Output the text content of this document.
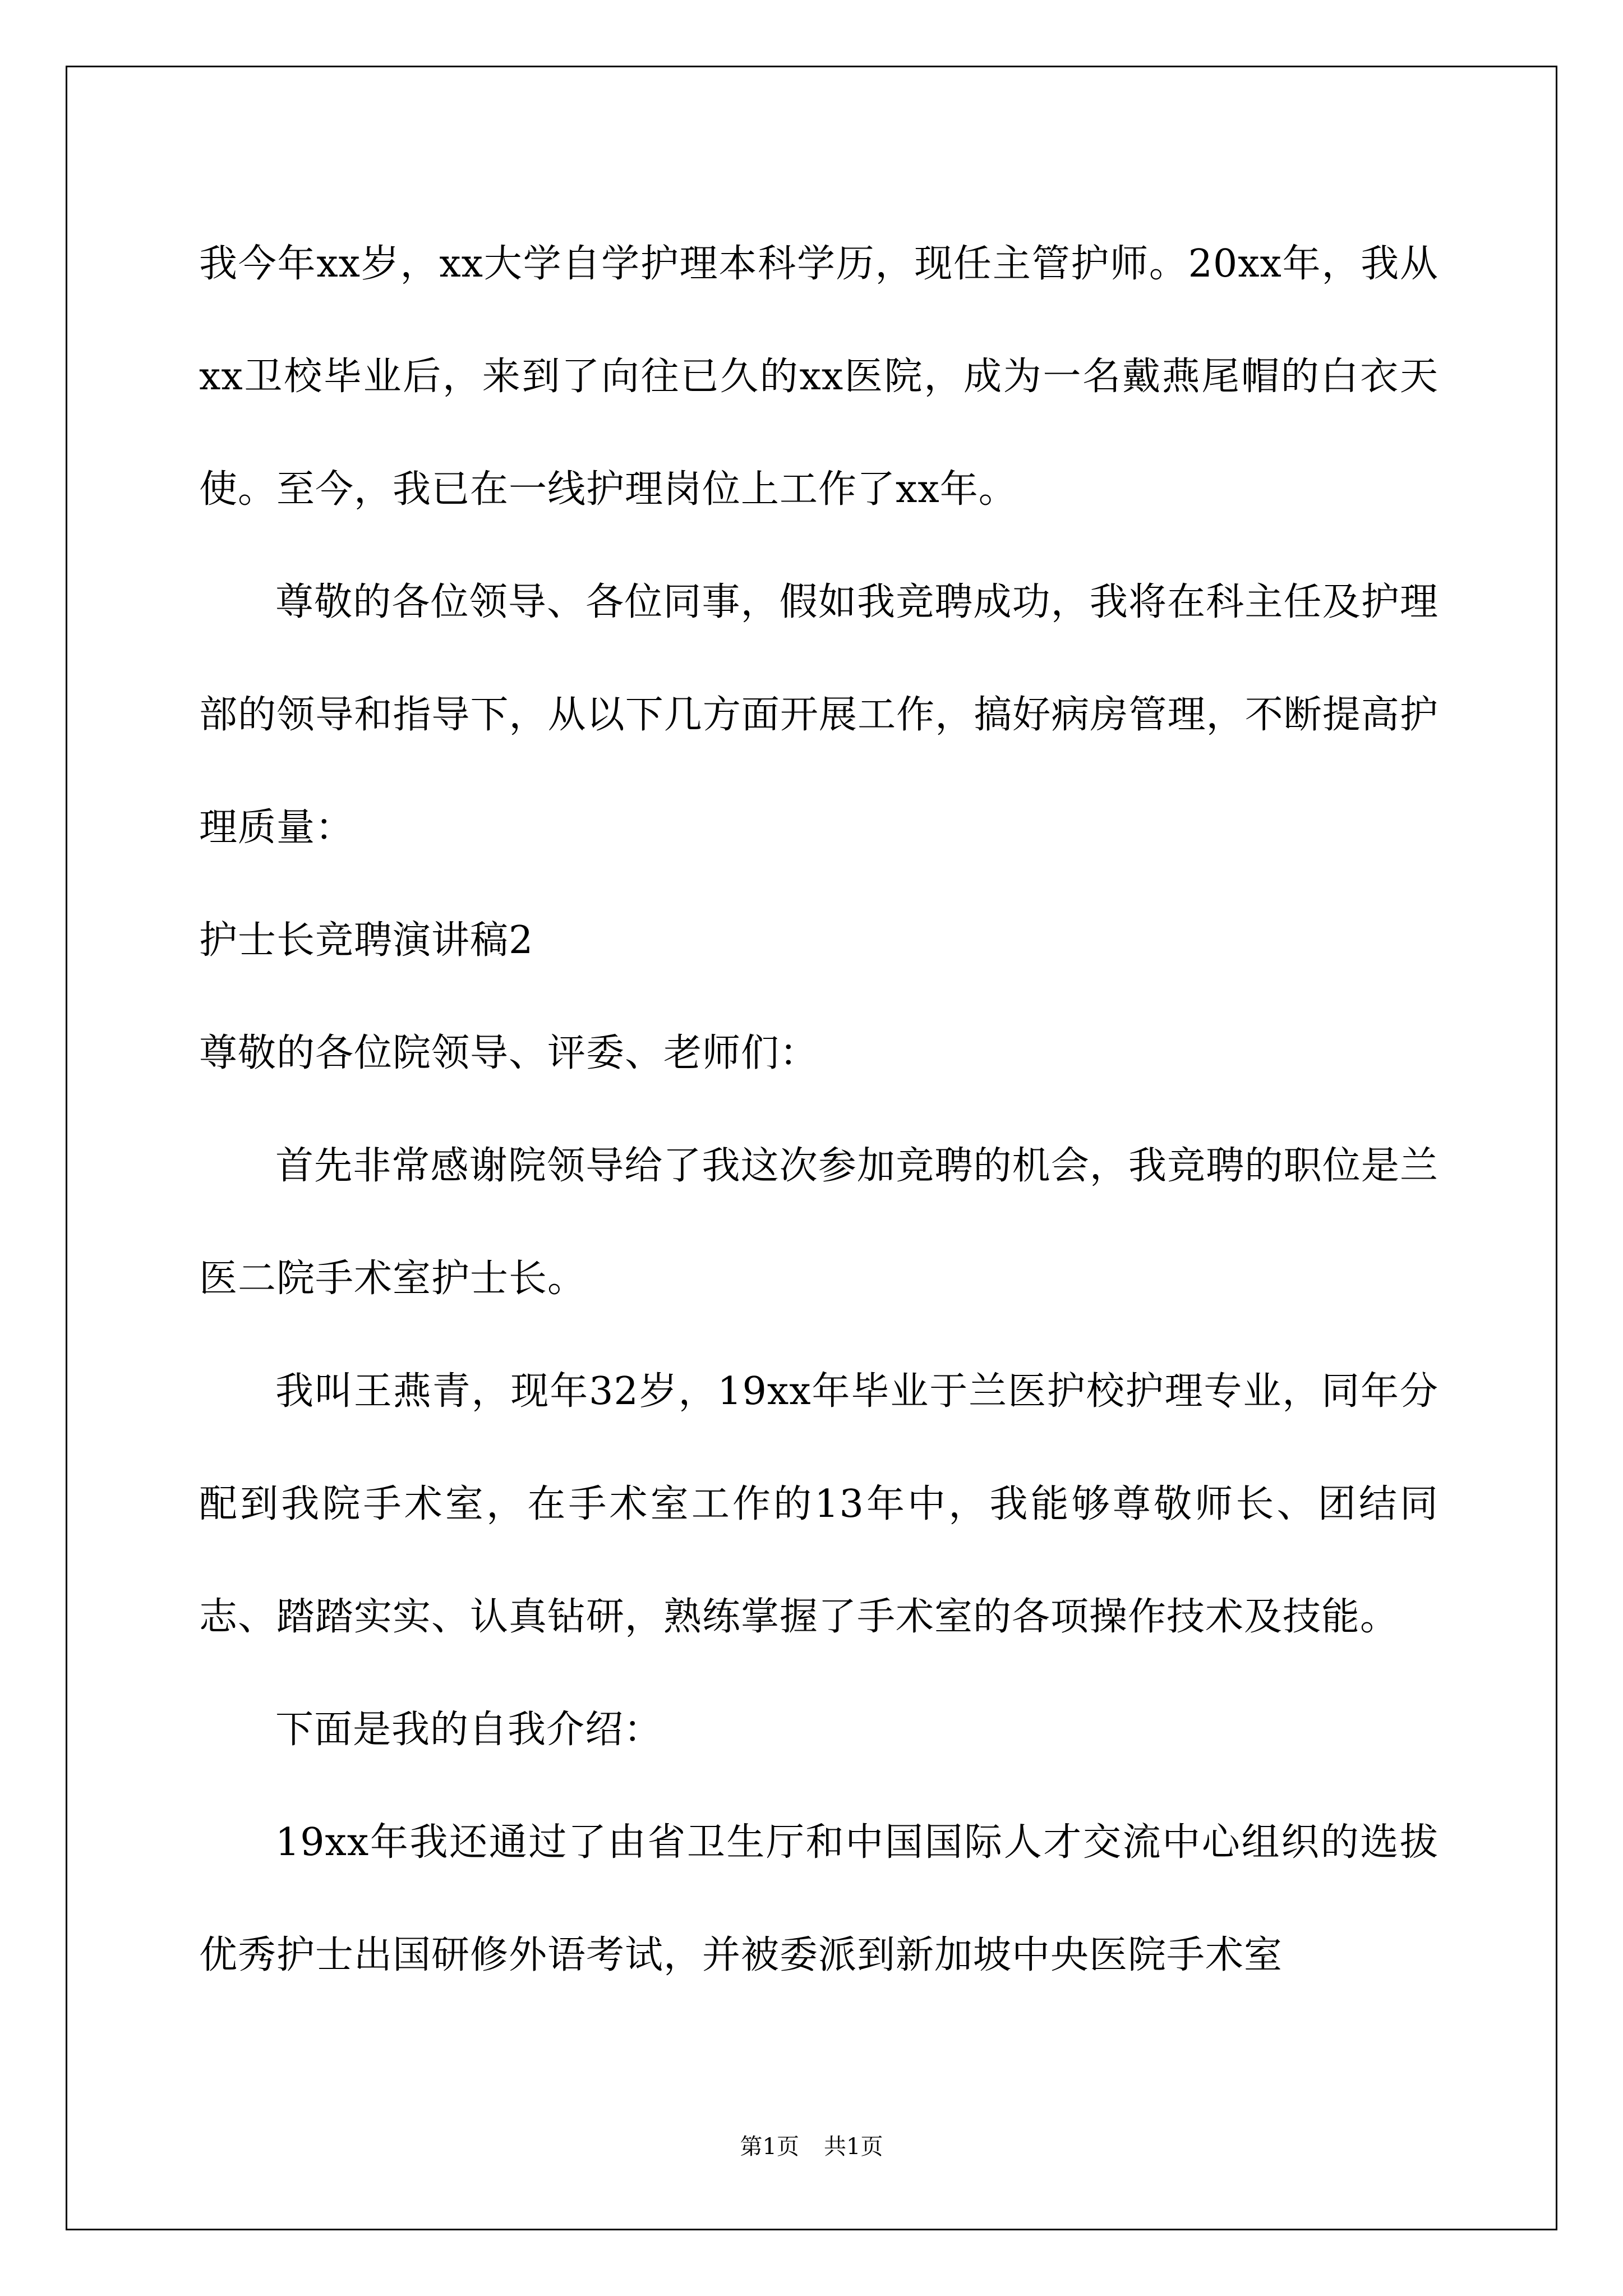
我今年xx岁，xx大学自学护理本科学历，现任主管护师。20xx年，我从xx卫校毕业后，来到了向往已久的xx医院，成为一名戴燕尾帽的白衣天使。至今，我已在一线护理岗位上工作了xx年。

尊敬的各位领导、各位同事，假如我竞聘成功，我将在科主任及护理部的领导和指导下，从以下几方面开展工作，搞好病房管理，不断提高护理质量：

护士长竞聘演讲稿2

尊敬的各位院领导、评委、老师们：

首先非常感谢院领导给了我这次参加竞聘的机会，我竞聘的职位是兰医二院手术室护士长。

我叫王燕青，现年32岁，19xx年毕业于兰医护校护理专业，同年分配到我院手术室，在手术室工作的13年中，我能够尊敬师长、团结同志、踏踏实实、认真钻研，熟练掌握了手术室的各项操作技术及技能。

下面是我的自我介绍：

19xx年我还通过了由省卫生厅和中国国际人才交流中心组织的选拔优秀护士出国研修外语考试，并被委派到新加坡中央医院手术室

第1页 共1页
